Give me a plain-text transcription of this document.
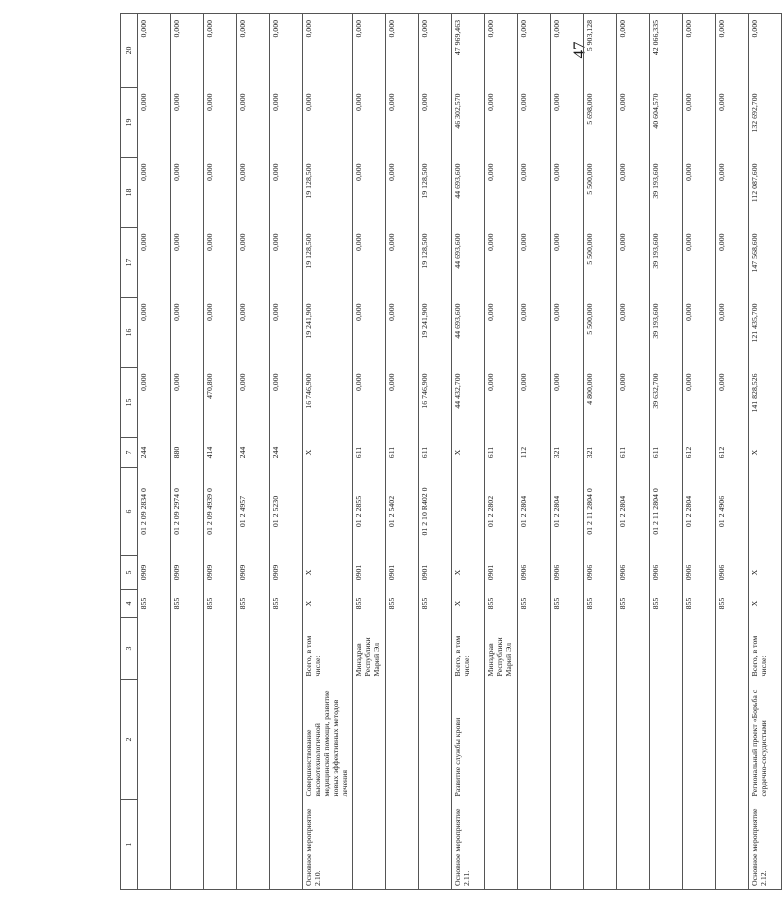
47
1	2	3	4	5	6	7	15	16	17	18	19	20
			855	0909	01 2 09 2834 0	244	0,000	0,000	0,000	0,000	0,000	0,000
			855	0909	01 2 09 2974 0	880	0,000	0,000	0,000	0,000	0,000	0,000
			855	0909	01 2 09 4939 0	414	470,800	0,000	0,000	0,000	0,000	0,000
			855	0909	01 2 4957	244	0,000	0,000	0,000	0,000	0,000	0,000
			855	0909	01 2 5230	244	0,000	0,000	0,000	0,000	0,000	0,000
Основное мероприятие 2.10.	Совершенствование высокотехнологичной медицинской помощи, развитие новых эффективных методов лечения	Всего, в том числе:	X	X		X	16 746,900	19 241,900	19 128,500	19 128,500	0,000	0,000
		Минздрав Республики Марий Эл	855	0901	01 2 2855	611	0,000	0,000	0,000	0,000	0,000	0,000
			855	0901	01 2 5402	611	0,000	0,000	0,000	0,000	0,000	0,000
			855	0901	01 2 10 R402 0	611	16 746,900	19 241,900	19 128,500	19 128,500	0,000	0,000
Основное мероприятие 2.11.	Развитие службы крови	Всего, в том числе:	X	X		X	44 432,700	44 693,600	44 693,600	44 693,600	46 302,570	47 969,463
		Минздрав Республики Марий Эл	855	0901	01 2 2802	611	0,000	0,000	0,000	0,000	0,000	0,000
			855	0906	01 2 2804	112	0,000	0,000	0,000	0,000	0,000	0,000
			855	0906	01 2 2804	321	0,000	0,000	0,000	0,000	0,000	0,000
			855	0906	01 2 11 2804 0	321	4 800,000	5 500,000	5 500,000	5 500,000	5 698,000	5 903,128
			855	0906	01 2 2804	611	0,000	0,000	0,000	0,000	0,000	0,000
			855	0906	01 2 11 2804 0	611	39 632,700	39 193,600	39 193,600	39 193,600	40 604,570	42 066,335
			855	0906	01 2 2804	612	0,000	0,000	0,000	0,000	0,000	0,000
			855	0906	01 2 4906	612	0,000	0,000	0,000	0,000	0,000	0,000
Основное мероприятие 2.12.	Региональный проект «Борьба с сердечно-сосудистыми	Всего, в том числе:	X	X		X	141 828,526	121 435,700	147 568,600	112 087,600	132 692,700	0,000
